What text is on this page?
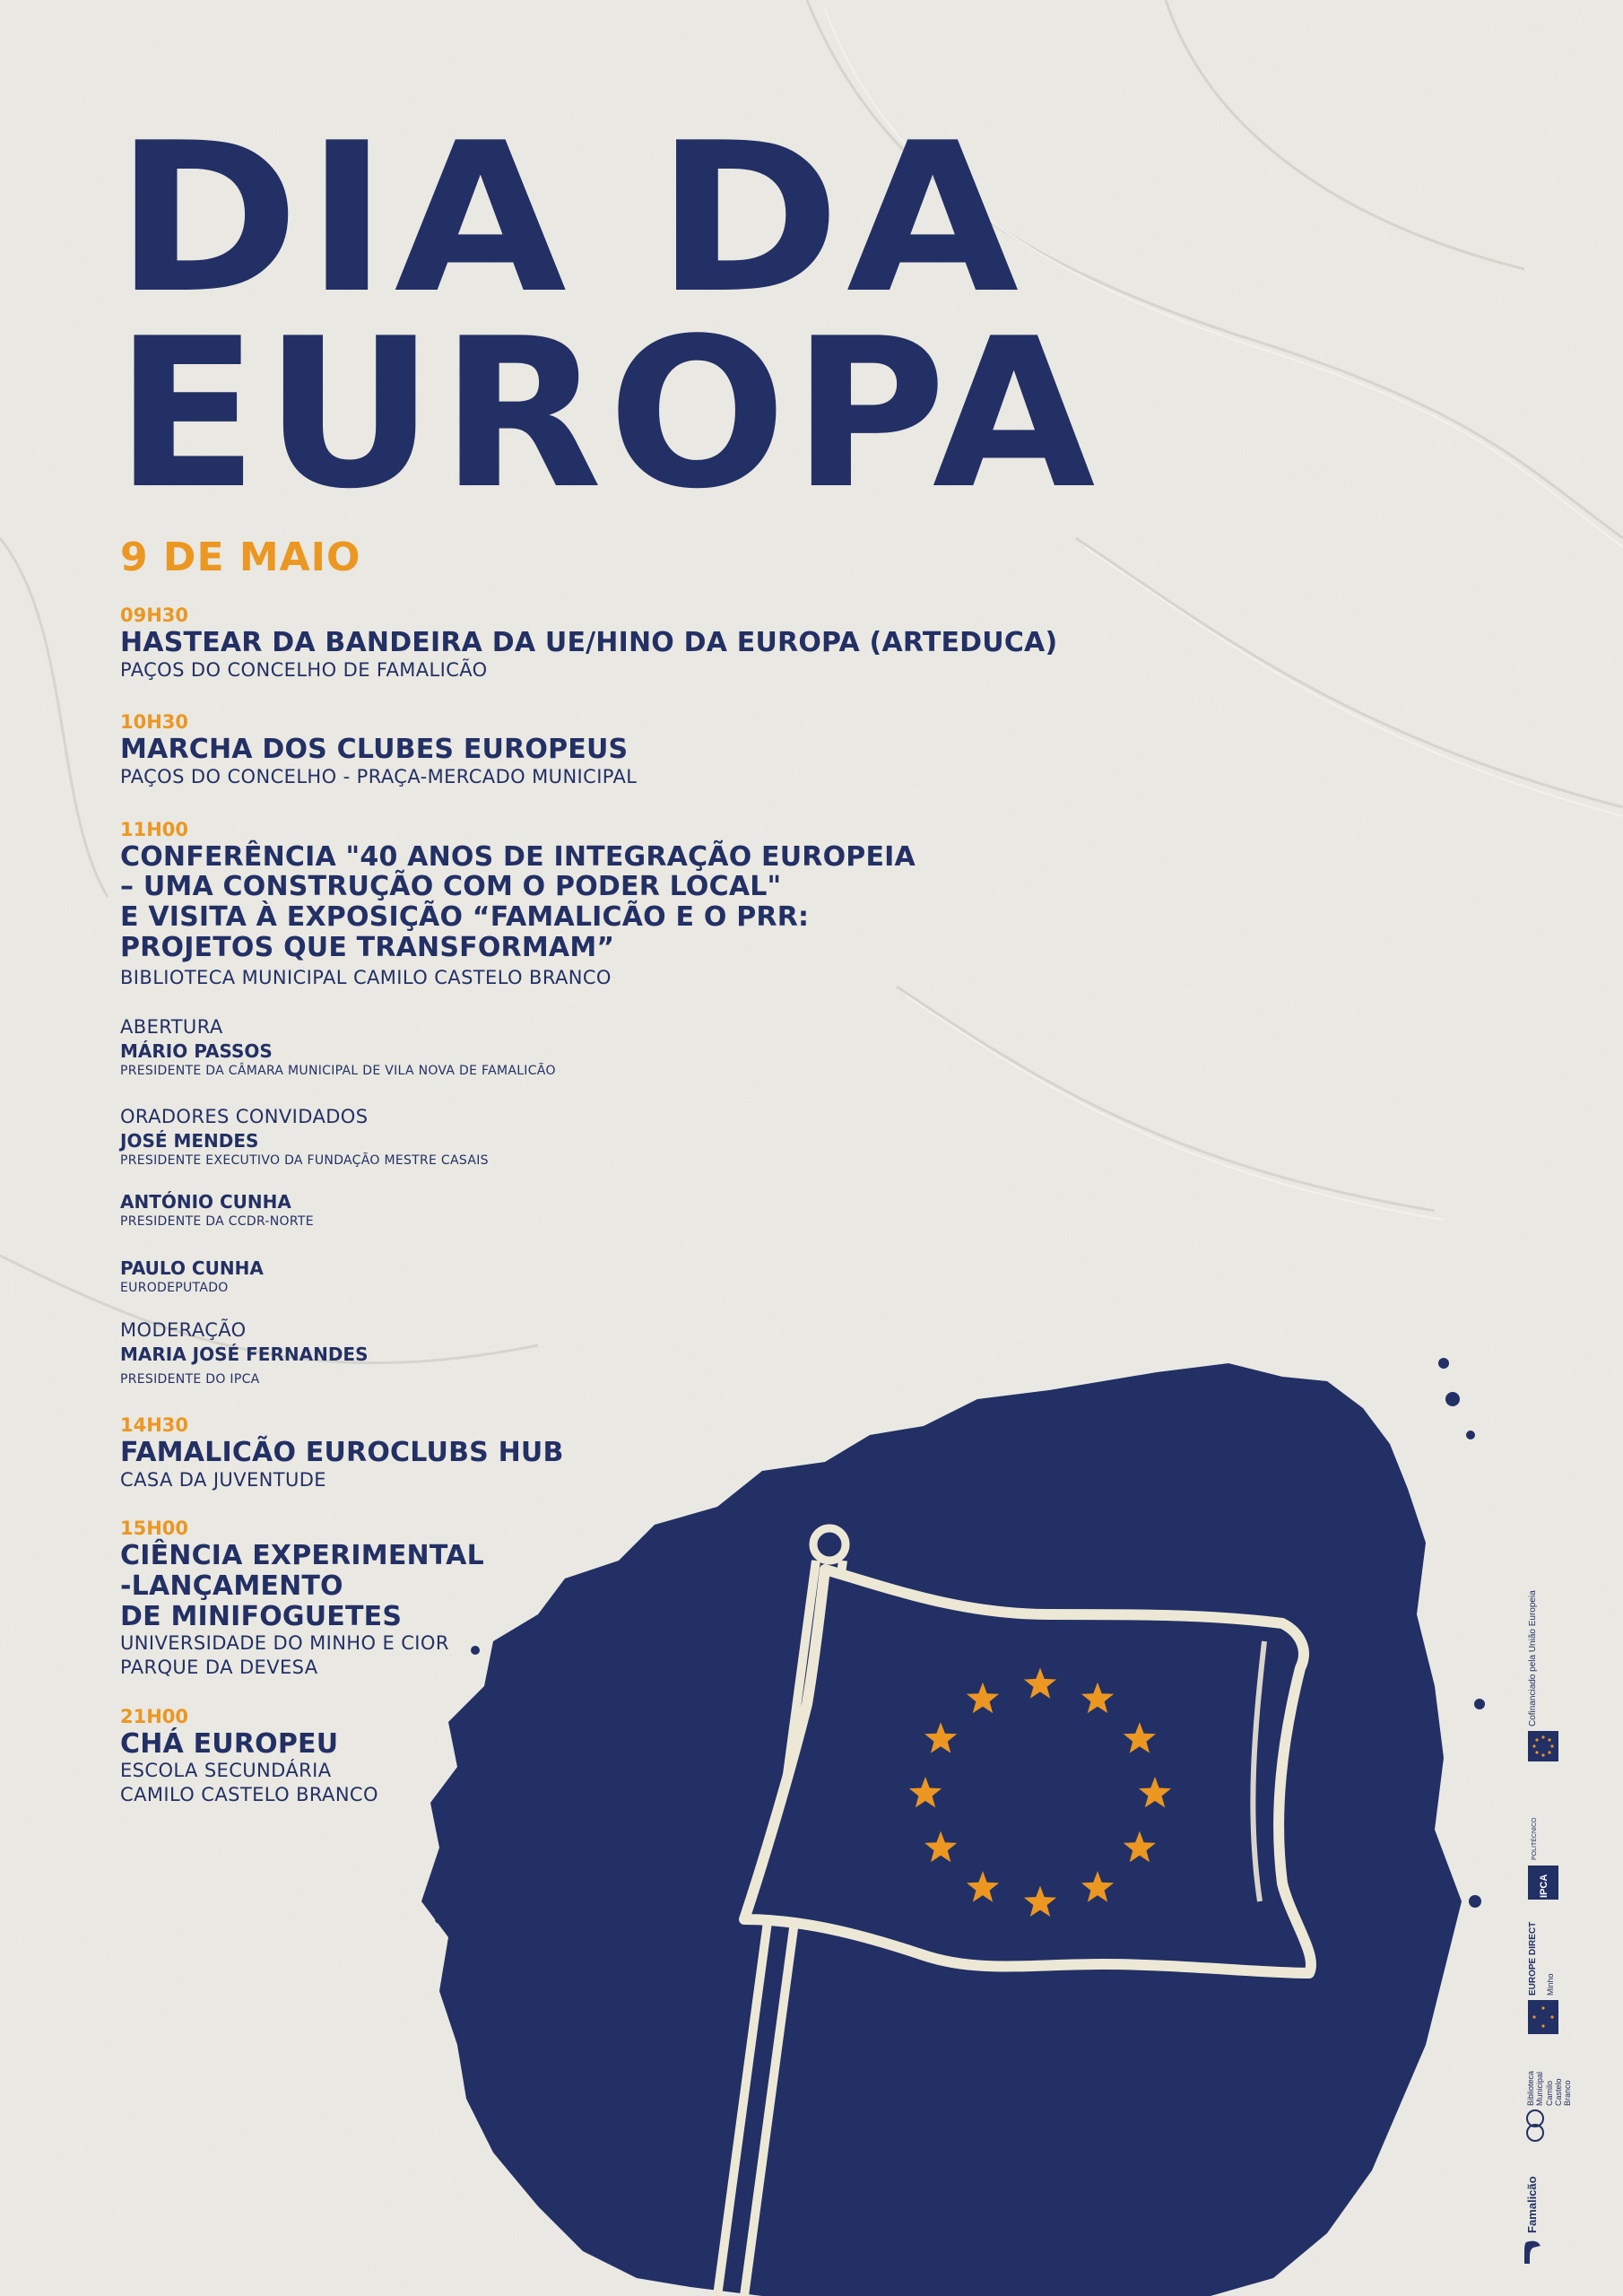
DIA DA
EUROPA
9 DE MAIO
09H30
HASTEAR DA BANDEIRA DA UE/HINO DA EUROPA (ARTEDUCA)
PAÇOS DO CONCELHO DE FAMALICÃO
10H30
MARCHA DOS CLUBES EUROPEUS
PAÇOS DO CONCELHO - PRAÇA-MERCADO MUNICIPAL
11H00
CONFERÊNCIA "40 ANOS DE INTEGRAÇÃO EUROPEIA
– UMA CONSTRUÇÃO COM O PODER LOCAL"
E VISITA À EXPOSIÇÃO “FAMALICÃO E O PRR:
PROJETOS QUE TRANSFORMAM”
BIBLIOTECA MUNICIPAL CAMILO CASTELO BRANCO
ABERTURA
MÁRIO PASSOS
PRESIDENTE DA CÂMARA MUNICIPAL DE VILA NOVA DE FAMALICÃO
ORADORES CONVIDADOS
JOSÉ MENDES
PRESIDENTE EXECUTIVO DA FUNDAÇÃO MESTRE CASAIS
ANTÓNIO CUNHA
PRESIDENTE DA CCDR-NORTE
PAULO CUNHA
EURODEPUTADO
MODERAÇÃO
MARIA JOSÉ FERNANDES
PRESIDENTE DO IPCA
14H30
FAMALICÃO EUROCLUBS HUB
CASA DA JUVENTUDE
15H00
CIÊNCIA EXPERIMENTAL
-LANÇAMENTO
DE MINIFOGUETES
UNIVERSIDADE DO MINHO E CIOR
PARQUE DA DEVESA
21H00
CHÁ EUROPEU
ESCOLA SECUNDÁRIA
CAMILO CASTELO BRANCO
Cofinanciado pela União Europeia
IPCA
POLITÉCNICO
EUROPE DIRECT Minho
Biblioteca Municipal Camilo Castelo Branco
Famalicão
